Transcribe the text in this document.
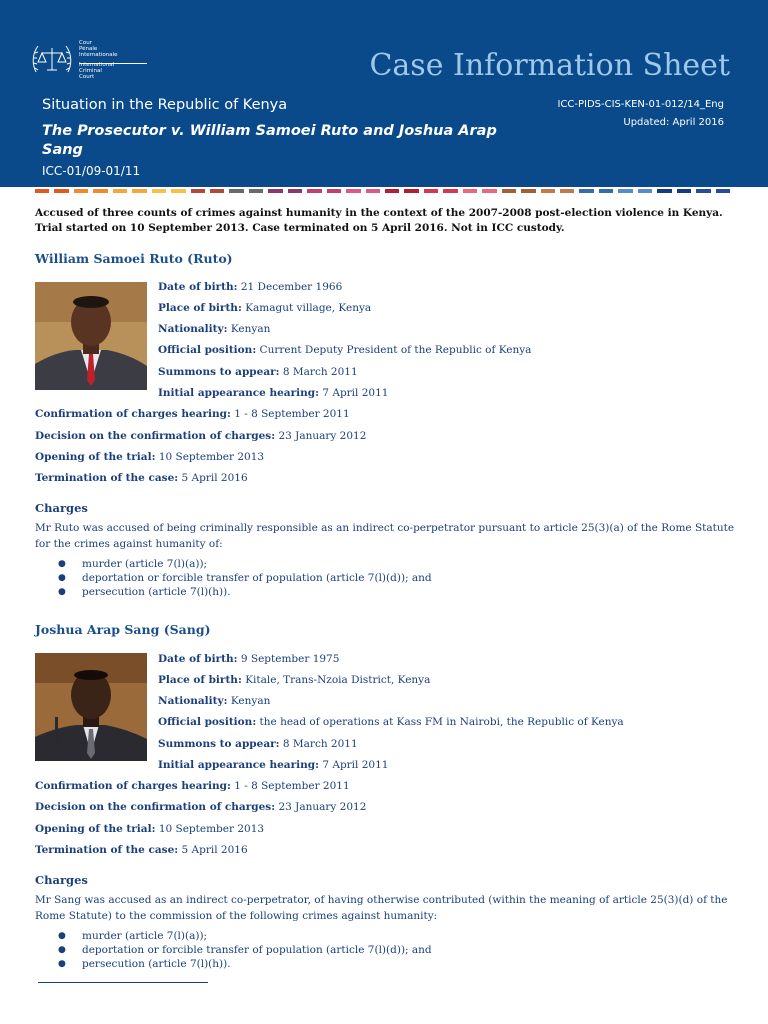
Cour
Pénale
Internationale
International
Criminal
Court	Case Information Sheet
Situation in the Republic of Kenya
The Prosecutor v. William Samoei Ruto and Joshua Arap Sang
ICC-01/09-01/11
ICC-PIDS-CIS-KEN-01-012/14_Eng
Updated: April 2016
Accused of three counts of crimes against humanity in the context of the 2007-2008 post-election violence in Kenya. Trial started on 10 September 2013. Case terminated on 5 April 2016. Not in ICC custody.
William Samoei Ruto (Ruto)
Date of birth: 21 December 1966
Place of birth: Kamagut village, Kenya
Nationality: Kenyan
Official position: Current Deputy President of the Republic of Kenya
Summons to appear: 8 March 2011
Initial appearance hearing: 7 April 2011
Confirmation of charges hearing: 1 - 8 September 2011
Decision on the confirmation of charges: 23 January 2012
Opening of the trial: 10 September 2013
Termination of the case: 5 April 2016
Charges
Mr Ruto was accused of being criminally responsible as an indirect co-perpetrator pursuant to article 25(3)(a) of the Rome Statute for the crimes against humanity of:
● murder (article 7(l)(a));
● deportation or forcible transfer of population (article 7(l)(d)); and
● persecution (article 7(l)(h)).
Joshua Arap Sang (Sang)
Date of birth: 9 September 1975
Place of birth: Kitale, Trans-Nzoia District, Kenya
Nationality: Kenyan
Official position: the head of operations at Kass FM in Nairobi, the Republic of Kenya
Summons to appear: 8 March 2011
Initial appearance hearing: 7 April 2011
Confirmation of charges hearing: 1 - 8 September 2011
Decision on the confirmation of charges: 23 January 2012
Opening of the trial: 10 September 2013
Termination of the case: 5 April 2016
Charges
Mr Sang was accused as an indirect co-perpetrator, of having otherwise contributed (within the meaning of article 25(3)(d) of the Rome Statute) to the commission of the following crimes against humanity:
● murder (article 7(l)(a));
● deportation or forcible transfer of population (article 7(l)(d)); and
● persecution (article 7(l)(h)).
